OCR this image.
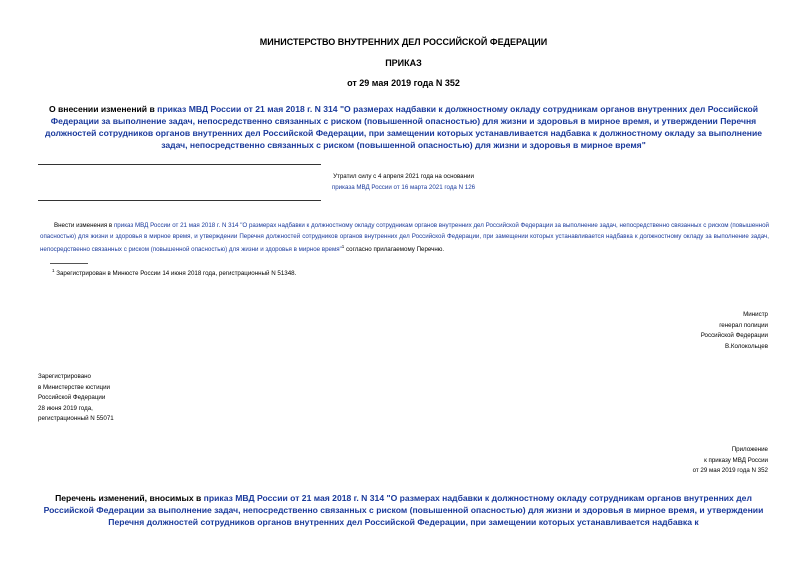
МИНИСТЕРСТВО ВНУТРЕННИХ ДЕЛ РОССИЙСКОЙ ФЕДЕРАЦИИ
ПРИКАЗ
от 29 мая 2019 года N 352
О внесении изменений в приказ МВД России от 21 мая 2018 г. N 314 "О размерах надбавки к должностному окладу сотрудникам органов внутренних дел Российской Федерации за выполнение задач, непосредственно связанных с риском (повышенной опасностью) для жизни и здоровья в мирное время, и утверждении Перечня должностей сотрудников органов внутренних дел Российской Федерации, при замещении которых устанавливается надбавка к должностному окладу за выполнение задач, непосредственно связанных с риском (повышенной опасностью) для жизни и здоровья в мирное время"
Утратил силу с 4 апреля 2021 года на основании
приказа МВД России от 16 марта 2021 года N 126
Внести изменения в приказ МВД России от 21 мая 2018 г. N 314 "О размерах надбавки к должностному окладу сотрудникам органов внутренних дел Российской Федерации за выполнение задач, непосредственно связанных с риском (повышенной опасностью) для жизни и здоровья в мирное время, и утверждении Перечня должностей сотрудников органов внутренних дел Российской Федерации, при замещении которых устанавливается надбавка к должностному окладу за выполнение задач, непосредственно связанных с риском (повышенной опасностью) для жизни и здоровья в мирное время"$^1$ согласно прилагаемому Перечню.
$^1$ Зарегистрирован в Минюсте России 14 июня 2018 года, регистрационный N 51348.
Министр
генерал полиции
Российской Федерации
В.Колокольцев
Зарегистрировано
в Министерстве юстиции
Российской Федерации
28 июня 2019 года,
регистрационный N 55071
Приложение
к приказу МВД России
от 29 мая 2019 года N 352
Перечень изменений, вносимых в приказ МВД России от 21 мая 2018 г. N 314 "О размерах надбавки к должностному окладу сотрудникам органов внутренних дел Российской Федерации за выполнение задач, непосредственно связанных с риском (повышенной опасностью) для жизни и здоровья в мирное время, и утверждении Перечня должностей сотрудников органов внутренних дел Российской Федерации, при замещении которых устанавливается надбавка к
